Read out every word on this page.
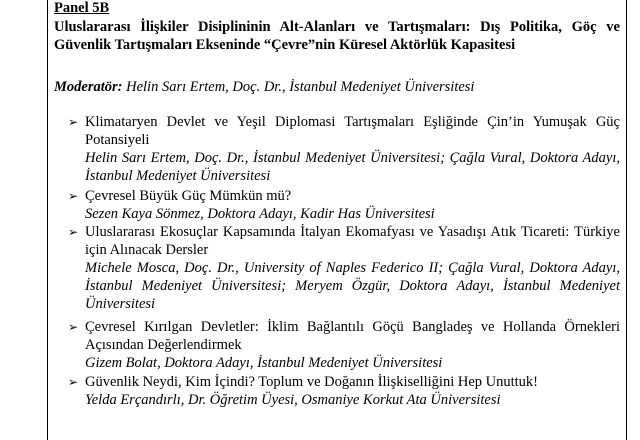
Panel 5B
Uluslararası İlişkiler Disiplininin Alt-Alanları ve Tartışmaları: Dış Politika, Göç ve Güvenlik Tartışmaları Ekseninde “Çevre”nin Küresel Aktörlük Kapasitesi
Moderatör: Helin Sarı Ertem, Doç. Dr., İstanbul Medeniyet Üniversitesi
➢ Klimataryen Devlet ve Yeşil Diplomasi Tartışmaları Eşliğinde Çin’in Yumuşak Güç Potansiyeli
Helin Sarı Ertem, Doç. Dr., İstanbul Medeniyet Üniversitesi; Çağla Vural, Doktora Adayı, İstanbul Medeniyet Üniversitesi
➢ Çevresel Büyük Güç Mümkün mü?
Sezen Kaya Sönmez, Doktora Adayı, Kadir Has Üniversitesi
➢ Uluslararası Ekosuçlar Kapsamında İtalyan Ekomafyası ve Yasadışı Atık Ticareti: Türkiye için Alınacak Dersler
Michele Mosca, Doç. Dr., University of Naples Federico II; Çağla Vural, Doktora Adayı, İstanbul Medeniyet Üniversitesi; Meryem Özgür, Doktora Adayı, İstanbul Medeniyet Üniversitesi
➢ Çevresel Kırılgan Devletler: İklim Bağlantılı Göçü Bangladeş ve Hollanda Örnekleri Açısından Değerlendirmek
Gizem Bolat, Doktora Adayı, İstanbul Medeniyet Üniversitesi
➢ Güvenlik Neydi, Kim İçindi? Toplum ve Doğanın İlişkiselliğini Hep Unuttuk!
Yelda Erçandırlı, Dr. Öğretim Üyesi, Osmaniye Korkut Ata Üniversitesi
